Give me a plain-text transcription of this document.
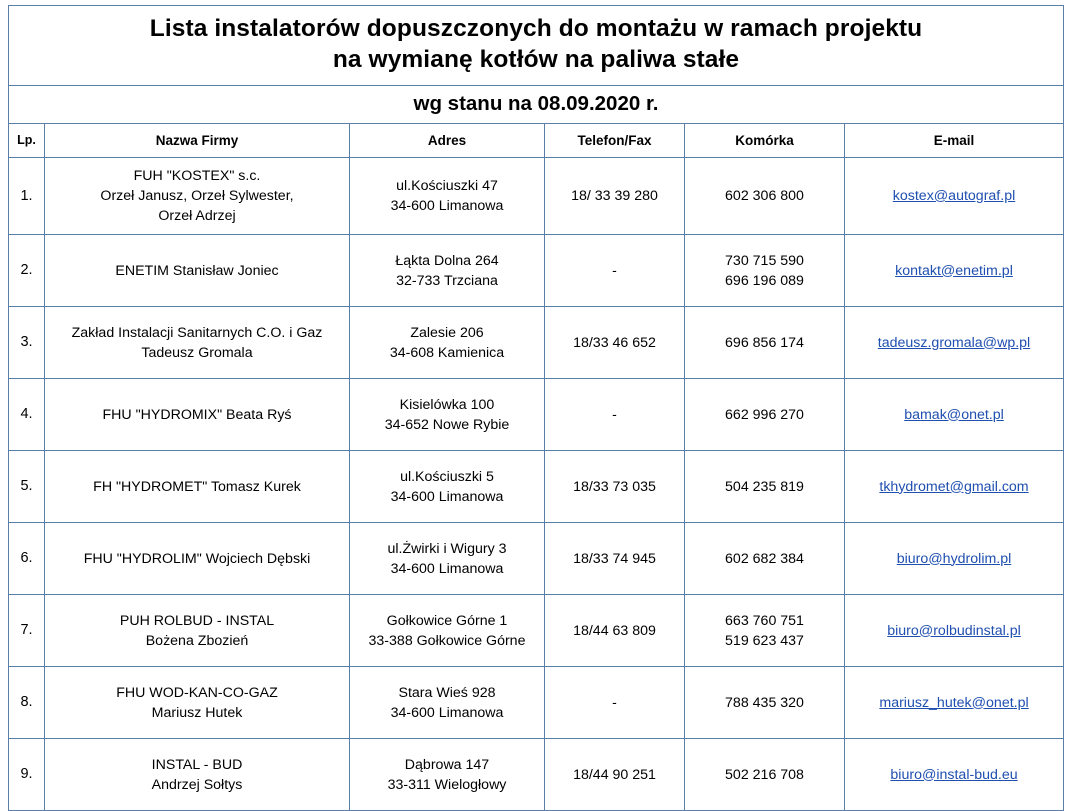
Lista instalatorów dopuszczonych do montażu w ramach projektu
na wymianę kotłów na paliwa stałe					

wg stanu na 08.09.2020 r.					
Lp.	Nazwa Firmy	Adres	Telefon/Fax	Komórka	E-mail
1.	FUH "KOSTEX" s.c.
Orzeł Janusz, Orzeł Sylwester,
Orzeł Adrzej	ul.Kościuszki 47
34-600 Limanowa	18/ 33 39 280	602 306 800	kostex@autograf.pl
2.	ENETIM Stanisław Joniec	Łąkta Dolna 264
32-733 Trzciana	-	730 715 590
696 196 089	kontakt@enetim.pl
3.	Zakład Instalacji Sanitarnych C.O. i Gaz
Tadeusz Gromala	Zalesie 206
34-608 Kamienica	18/33 46 652	696 856 174	tadeusz.gromala@wp.pl
4.	FHU "HYDROMIX" Beata Ryś	Kisielówka 100
34-652 Nowe Rybie	-	662 996 270	bamak@onet.pl
5.	FH "HYDROMET" Tomasz Kurek	ul.Kościuszki 5
34-600 Limanowa	18/33 73 035	504 235 819	tkhydromet@gmail.com
6.	FHU "HYDROLIM" Wojciech Dębski	ul.Żwirki i Wigury 3
34-600 Limanowa	18/33 74 945	602 682 384	biuro@hydrolim.pl
7.	PUH ROLBUD - INSTAL
Bożena Zbozień	Gołkowice Górne 1
33-388 Gołkowice Górne	18/44 63 809	663 760 751
519 623 437	biuro@rolbudinstal.pl
8.	FHU WOD-KAN-CO-GAZ
Mariusz Hutek	Stara Wieś 928
34-600 Limanowa	-	788 435 320	mariusz_hutek@onet.pl
9.	INSTAL - BUD
Andrzej Sołtys	Dąbrowa 147
33-311 Wielogłowy	18/44 90 251	502 216 708	biuro@instal-bud.eu
